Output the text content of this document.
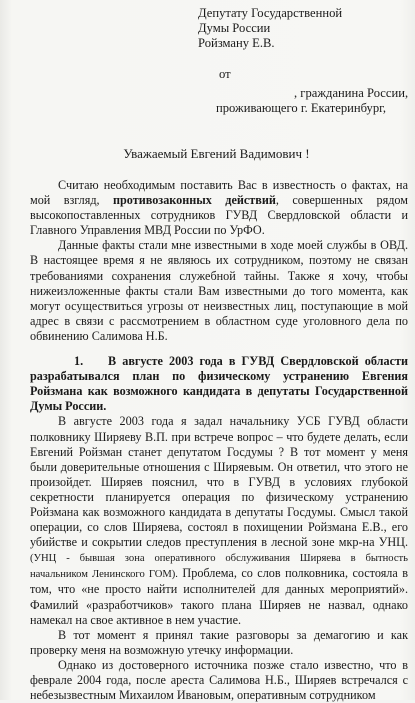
Депутату Государственной
Думы России
Ройзману Е.В.
от
, гражданина России,
проживающего г. Екатеринбург,
Уважаемый Евгений Вадимович !

Считаю необходимым поставить Вас в известность о фактах, на мой взгляд, противозаконных действий, совершенных рядом высокопоставленных сотрудников ГУВД Свердловской области и Главного Управления МВД России по УрФО.

Данные факты стали мне известными в ходе моей службы в ОВД. В настоящее время я не являюсь их сотрудником, поэтому не связан требованиями сохранения служебной тайны. Также я хочу, чтобы нижеизложенные факты стали Вам известными до того момента, как могут осуществиться угрозы от неизвестных лиц, поступающие в мой адрес в связи с рассмотрением в областном суде уголовного дела по обвинению Салимова Н.Б.

1. В августе 2003 года в ГУВД Свердловской области разрабатывался план по физическому устранению Евгения Ройзмана как возможного кандидата в депутаты Государственной Думы России.

В августе 2003 года я задал начальнику УСБ ГУВД области полковнику Ширяеву В.П. при встрече вопрос – что будете делать, если Евгений Ройзман станет депутатом Госдумы ? В тот момент у меня были доверительные отношения с Ширяевым. Он ответил, что этого не произойдет. Ширяев пояснил, что в ГУВД в условиях глубокой секретности планируется операция по физическому устранению Ройзмана как возможного кандидата в депутаты Госдумы. Смысл такой операции, со слов Ширяева, состоял в похищении Ройзмана Е.В., его убийстве и сокрытии следов преступления в лесной зоне мкр-на УНЦ. (УНЦ - бывшая зона оперативного обслуживания Ширяева в бытность начальником Ленинского ГОМ). Проблема, со слов полковника, состояла в том, что «не просто найти исполнителей для данных мероприятий». Фамилий «разработчиков» такого плана Ширяев не назвал, однако намекал на свое активное в нем участие.

В тот момент я принял такие разговоры за демагогию и как проверку меня на возможную утечку информации.

Однако из достоверного источника позже стало известно, что в феврале 2004 года, после ареста Салимова Н.Б., Ширяев встречался с небезызвестным Михаилом Ивановым, оперативным сотрудником
